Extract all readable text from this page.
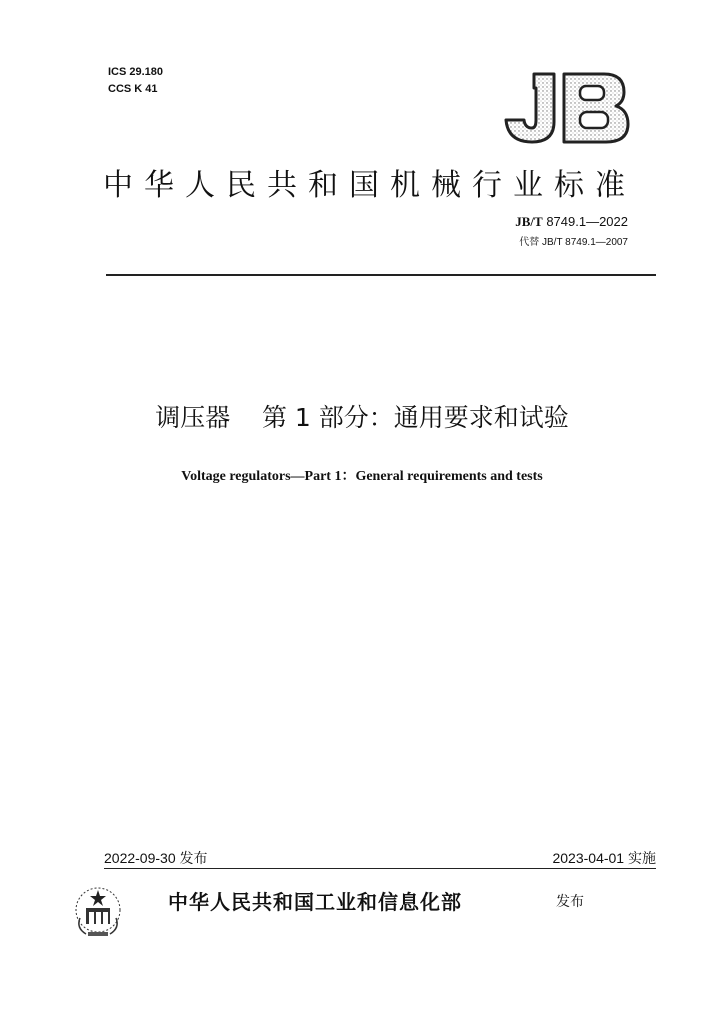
ICS 29.180
CCS K 41
中华人民共和国机械行业标准
JB/T 8749.1—2022
代替 JB/T 8749.1—2007
调压器    第 1 部分：通用要求和试验
Voltage regulators—Part 1：General requirements and tests
2022-09-30 发布	2023-04-01 实施
中华人民共和国工业和信息化部	发布
